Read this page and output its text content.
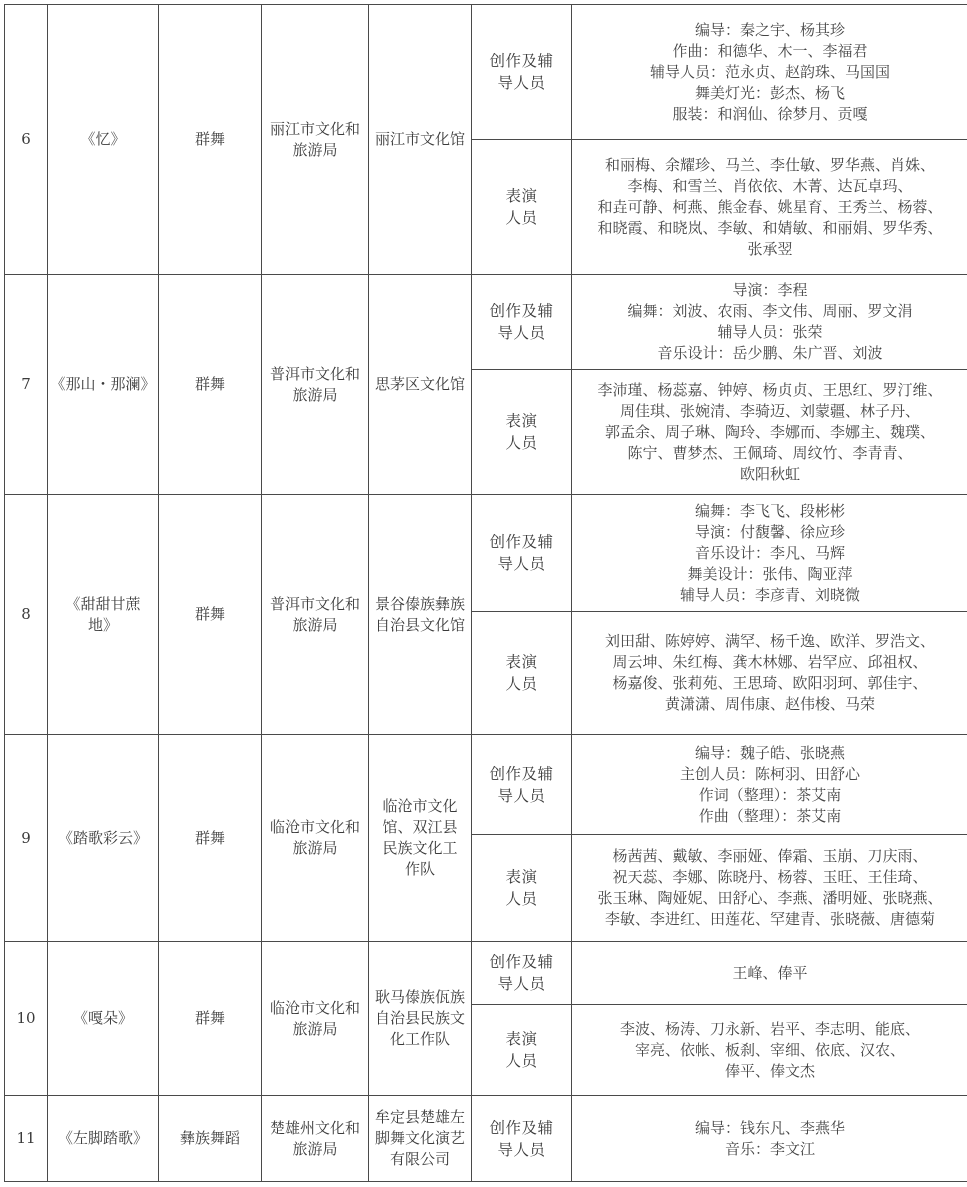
6	《忆》	群舞	丽江市文化和旅游局	丽江市文化馆	创作及辅导人员	编导：秦之宇、杨其珍
作曲：和德华、木一、李福君
辅导人员：范永贞、赵韵珠、马国国
舞美灯光：彭杰、杨飞
服装：和润仙、徐梦月、贡嘎

					表演人员	和丽梅、余耀珍、马兰、李仕敏、罗华燕、肖姝、
李梅、和雪兰、肖依依、木菁、达瓦卓玛、
和垚可静、柯燕、熊金春、姚星育、王秀兰、杨蓉、
和晓霞、和晓岚、李敏、和婧敏、和丽娟、罗华秀、
张承翌

7	《那山・那澜》	群舞	普洱市文化和旅游局	思茅区文化馆	创作及辅导人员	导演：李程
编舞：刘波、农雨、李文伟、周丽、罗文涓
辅导人员：张荣
音乐设计：岳少鹏、朱广晋、刘波

					表演人员	李沛瑾、杨蕊嘉、钟婷、杨贞贞、王思红、罗汀维、
周佳琪、张婉清、李骑迈、刘蒙疆、林子丹、
郭孟余、周子琳、陶玲、李娜而、李娜主、魏璞、
陈宁、曹梦杰、王佩琦、周纹竹、李青青、
欧阳秋虹

8	《甜甜甘蔗地》	群舞	普洱市文化和旅游局	景谷傣族彝族自治县文化馆	创作及辅导人员	编舞：李飞飞、段彬彬
导演：付馥馨、徐应珍
音乐设计：李凡、马辉
舞美设计：张伟、陶亚萍
辅导人员：李彦青、刘晓微

					表演人员	刘田甜、陈婷婷、满罕、杨千逸、欧洋、罗浩文、
周云坤、朱红梅、龚木林娜、岩罕应、邱祖权、
杨嘉俊、张莉苑、王思琦、欧阳羽珂、郭佳宇、
黄潇潇、周伟康、赵伟梭、马荣

9	《踏歌彩云》	群舞	临沧市文化和旅游局	临沧市文化馆、双江县民族文化工作队	创作及辅导人员	编导：魏子皓、张晓燕
主创人员：陈柯羽、田舒心
作词（整理）：茶艾南
作曲（整理）：茶艾南

					表演人员	杨茜茜、戴敏、李丽娅、俸霜、玉崩、刀庆雨、
祝天蕊、李娜、陈晓丹、杨蓉、玉旺、王佳琦、
张玉琳、陶娅妮、田舒心、李燕、潘明娅、张晓燕、
李敏、李进红、田莲花、罕建青、张晓薇、唐德菊

10	《嘎朵》	群舞	临沧市文化和旅游局	耿马傣族佤族自治县民族文化工作队	创作及辅导人员	王峰、俸平

					表演人员	李波、杨涛、刀永新、岩平、李志明、能底、
宰亮、依帐、板刹、宰细、依底、汉农、
俸平、俸文杰

11	《左脚踏歌》	彝族舞蹈	楚雄州文化和旅游局	牟定县楚雄左脚舞文化演艺有限公司	创作及辅导人员	编导：钱东凡、李燕华
音乐：李文江
